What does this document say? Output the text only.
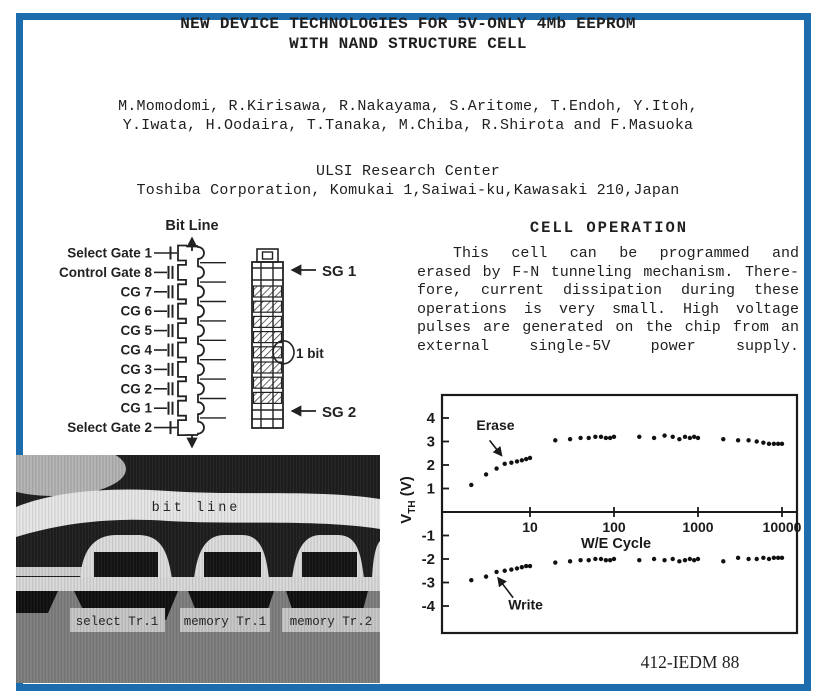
NEW DEVICE TECHNOLOGIES FOR 5V-ONLY 4Mb EEPROM
WITH NAND STRUCTURE CELL
M.Momodomi, R.Kirisawa, R.Nakayama, S.Aritome, T.Endoh, Y.Itoh,
Y.Iwata, H.Oodaira, T.Tanaka, M.Chiba, R.Shirota and F.Masuoka
ULSI Research Center
Toshiba Corporation, Komukai 1,Saiwai-ku,Kawasaki 210,Japan
Bit Line
Select Gate 1
Control Gate 8
CG 7
CG 6
CG 5
CG 4
CG 3
CG 2
CG 1
Select Gate 2
SG 1
SG 2
1 bit
CELL OPERATION
This cell can be programmed and
erased by F-N tunneling mechanism. There-
fore, current dissipation during these
operations is very small. High voltage
pulses are generated on the chip from an
external single-5V power supply.
4
3
2
1
-1
-2
-3
-4
10	100	1000	10000
W/E Cycle
$V_{TH}$ (V)
Erase
Write
412-IEDM 88
